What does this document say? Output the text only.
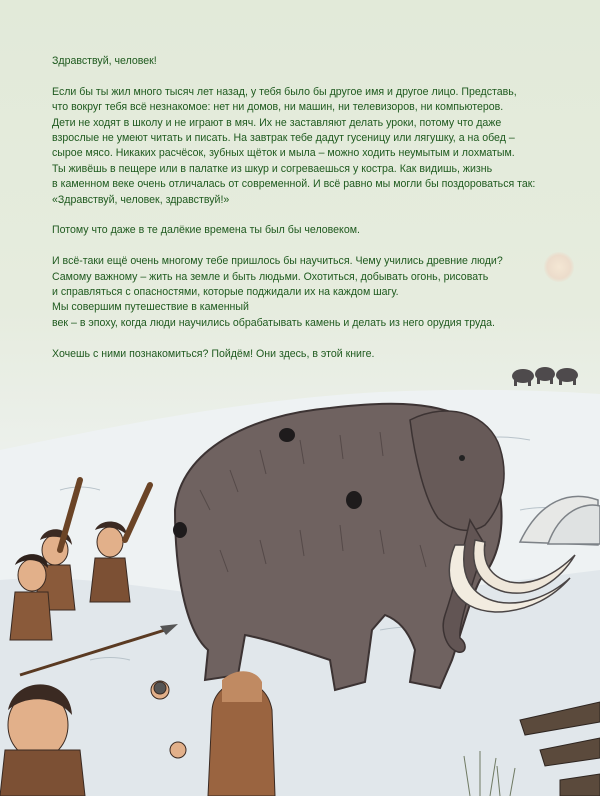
Здравствуй, человек!

Если бы ты жил много тысяч лет назад, у тебя было бы другое имя и другое лицо. Представь,
что вокруг тебя всё незнакомое: нет ни домов, ни машин, ни телевизоров, ни компьютеров.
Дети не ходят в школу и не играют в мяч. Их не заставляют делать уроки, потому что даже
взрослые не умеют читать и писать. На завтрак тебе дадут гусеницу или лягушку, а на обед –
сырое мясо. Никаких расчёсок, зубных щёток и мыла – можно ходить неумытым и лохматым.
Ты живёшь в пещере или в палатке из шкур и согреваешься у костра. Как видишь, жизнь
в каменном веке очень отличалась от современной. И всё равно мы могли бы поздороваться так:
«Здравствуй, человек, здравствуй!»

Потому что даже в те далёкие времена ты был бы человеком.

И всё-таки ещё очень многому тебе пришлось бы научиться. Чему учились древние люди?
Самому важному – жить на земле и быть людьми. Охотиться, добывать огонь, рисовать
и справляться с опасностями, которые поджидали их на каждом шагу.
Мы совершим путешествие в каменный
век – в эпоху, когда люди научились обрабатывать камень и делать из него орудия труда.

Хочешь с ними познакомиться? Пойдём! Они здесь, в этой книге.
